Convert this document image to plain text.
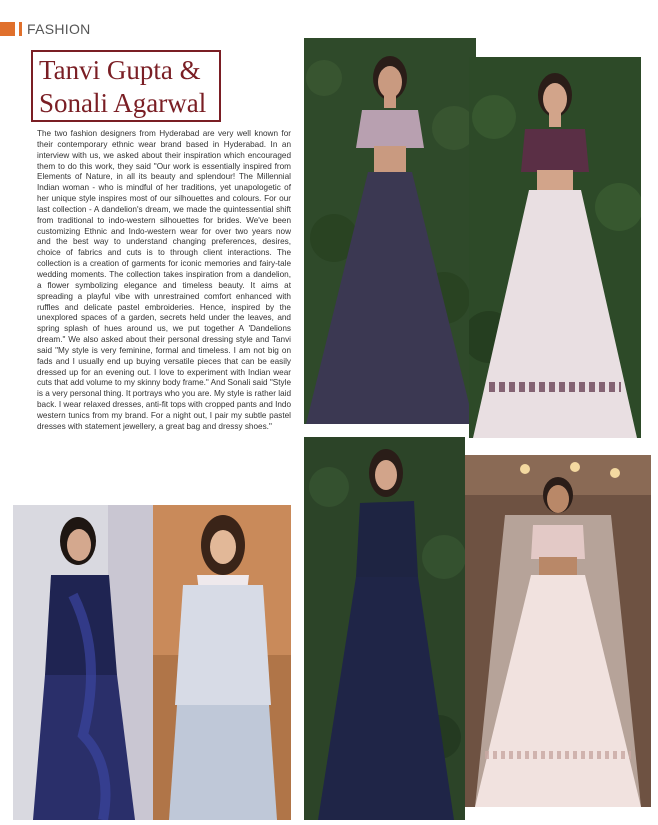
FASHION
Tanvi Gupta &
Sonali Agarwal

The two fashion designers from Hyderabad are very well known for their contemporary ethnic wear brand based in Hyderabad. In an interview with us, we asked about their inspiration which encouraged them to do this work, they said "Our work is essentially inspired from Elements of Nature, in all its beauty and splendour! The Millennial Indian woman - who is mindful of her traditions, yet unapologetic of her unique style inspires most of our silhouettes and colours. For our last collection - A dandelion's dream, we made the quintessential shift from traditional to indo-western silhouettes for brides. We've been customizing Ethnic and Indo-western wear for over two years now and the best way to understand changing preferences, desires, choice of fabrics and cuts is to through client interactions. The collection is a creation of garments for iconic memories and fairy-tale wedding moments. The collection takes inspiration from a dandelion, a flower symbolizing elegance and timeless beauty. It aims at spreading a playful vibe with unrestrained comfort enhanced with ruffles and delicate pastel embroideries. Hence, inspired by the unexplored spaces of a garden, secrets held under the leaves, and spring splash of hues around us, we put together A 'Dandelions dream." We also asked about their personal dressing style and Tanvi said "My style is very feminine, formal and timeless. I am not big on fads and I usually end up buying versatile pieces that can be easily dressed up for an evening out. I love to experiment with Indian wear cuts that add volume to my skinny body frame." And Sonali said "Style is a very personal thing. It portrays who you are. My style is rather laid back. I wear relaxed dresses, anti-fit tops with cropped pants and Indo western tunics from my brand. For a night out, I pair my subtle pastel dresses with statement jewellery, a great bag and dressy shoes."
